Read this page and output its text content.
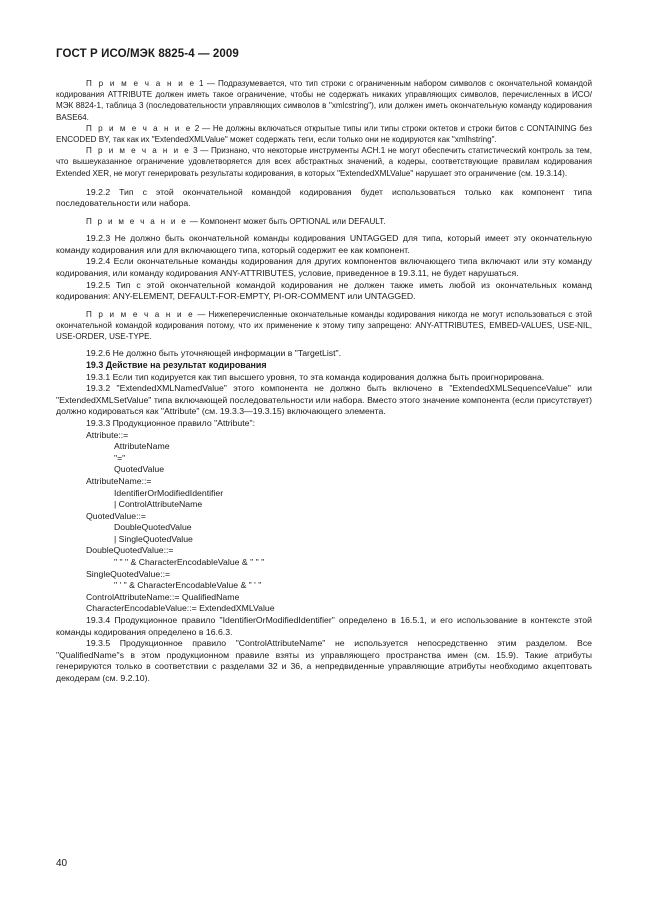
ГОСТ Р ИСО/МЭК 8825-4 — 2009

П р и м е ч а н и е 1 — Подразумевается, что тип строки с ограниченным набором символов с окончательной командой кодирования ATTRIBUTE должен иметь такое ограничение, чтобы не содержать никаких управляющих символов, перечисленных в ИСО/МЭК 8824-1, таблица 3 (последовательности управляющих символов в "xmlcstring"), или должен иметь окончательную команду кодирования BASE64.

П р и м е ч а н и е 2 — Не должны включаться открытые типы или типы строки октетов и строки битов с CONTAINING без ENCODED BY, так как их "ExtendedXMLValue" может содержать теги, если только они не кодируются как "xmlhstring".

П р и м е ч а н и е 3 — Признано, что некоторые инструменты ACH.1 не могут обеспечить статистический контроль за тем, что вышеуказанное ограничение удовлетворяется для всех абстрактных значений, а кодеры, соответствующие правилам кодирования Extended XER, не могут генерировать результаты кодирования, в которых "ExtendedXMLValue" нарушает это ограничение (см. 19.3.14).

19.2.2 Тип с этой окончательной командой кодирования будет использоваться только как компонент типа последовательности или набора.

П р и м е ч а н и е — Компонент может быть OPTIONAL или DEFAULT.

19.2.3 Не должно быть окончательной команды кодирования UNTAGGED для типа, который имеет эту окончательную команду кодирования или для включающего типа, который содержит ее как компонент.

19.2.4 Если окончательные команды кодирования для других компонентов включающего типа включают или эту команду кодирования, или команду кодирования ANY-ATTRIBUTES, условие, приведенное в 19.3.11, не будет нарушаться.

19.2.5 Тип с этой окончательной командой кодирования не должен также иметь любой из окончательных команд кодирования: ANY-ELEMENT, DEFAULT-FOR-EMPTY, PI-OR-COMMENT или UNTAGGED.

П р и м е ч а н и е — Нижеперечисленные окончательные команды кодирования никогда не могут использоваться с этой окончательной командой кодирования потому, что их применение к этому типу запрещено: ANY-ATTRIBUTES, EMBED-VALUES, USE-NIL, USE-ORDER, USE-TYPE.

19.2.6 Не должно быть уточняющей информации в "TargetList".

19.3 Действие на результат кодирования

19.3.1 Если тип кодируется как тип высшего уровня, то эта команда кодирования должна быть проигнорирована.

19.3.2 "ExtendedXMLNamedValue" этого компонента не должно быть включено в "ExtendedXMLSequenceValue" или "ExtendedXMLSetValue" типа включающей последовательности или набора. Вместо этого значение компонента (если присутствует) должно кодироваться как "Attribute" (см. 19.3.3—19.3.15) включающего элемента.

19.3.3 Продукционное правило "Attribute":

Attribute::=

AttributeName

"="

QuotedValue

AttributeName::=

IdentifierOrModifiedIdentifier

| ControlAttributeName

QuotedValue::=

DoubleQuotedValue

| SingleQuotedValue

DoubleQuotedValue::=

" " " & CharacterEncodableValue & " " "

SingleQuotedValue::=

" ' " & CharacterEncodableValue & " ' "

ControlAttributeName::= QualifiedName

CharacterEncodableValue::= ExtendedXMLValue

19.3.4 Продукционное правило "IdentifierOrModifiedIdentifier" определено в 16.5.1, и его использование в контексте этой команды кодирования определено в 16.6.3.

19.3.5 Продукционное правило "ControlAttributeName" не используется непосредственно этим разделом. Все "QualifiedName"s в этом продукционном правиле взяты из управляющего пространства имен (см. 15.9). Такие атрибуты генерируются только в соответствии с разделами 32 и 36, а непредвиденные управляющие атрибуты необходимо акцептовать декодерам (см. 9.2.10).

40
